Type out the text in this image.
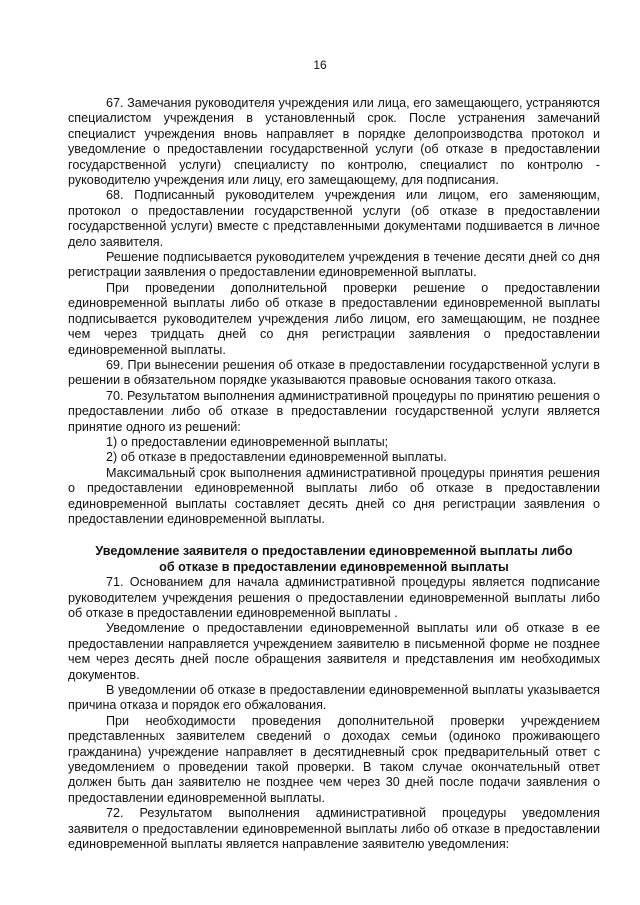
16

67. Замечания руководителя учреждения или лица, его замещающего, устраняются специалистом учреждения в установленный срок. После устранения замечаний специалист учреждения вновь направляет в порядке делопроизводства протокол и уведомление о предоставлении государственной услуги (об отказе в предоставлении государственной услуги) специалисту по контролю, специалист по контролю - руководителю учреждения или лицу, его замещающему, для подписания.

68. Подписанный руководителем учреждения или лицом, его заменяющим, протокол о предоставлении государственной услуги (об отказе в предоставлении государственной услуги) вместе с представленными документами подшивается в личное дело заявителя.

Решение подписывается руководителем учреждения в течение десяти дней со дня регистрации заявления о предоставлении единовременной выплаты.

При проведении дополнительной проверки решение о предоставлении единовременной выплаты либо об отказе в предоставлении единовременной выплаты подписывается руководителем учреждения либо лицом, его замещающим, не позднее чем через тридцать дней со дня регистрации заявления о предоставлении единовременной выплаты.

69. При вынесении решения об отказе в предоставлении государственной услуги в решении в обязательном порядке указываются правовые основания такого отказа.

70. Результатом выполнения административной процедуры по принятию решения о предоставлении либо об отказе в предоставлении государственной услуги является принятие одного из решений:

1) о предоставлении единовременной выплаты;

2) об отказе в предоставлении единовременной выплаты.

Максимальный срок выполнения административной процедуры принятия решения о предоставлении единовременной выплаты либо об отказе в предоставлении единовременной выплаты составляет десять дней со дня регистрации заявления о предоставлении единовременной выплаты.

Уведомление заявителя о предоставлении единовременной выплаты либо
об отказе в предоставлении единовременной выплаты

71. Основанием для начала административной процедуры является подписание руководителем учреждения решения о предоставлении единовременной выплаты либо об отказе в предоставлении единовременной выплаты .

Уведомление о предоставлении единовременной выплаты или об отказе в ее предоставлении направляется учреждением заявителю в письменной форме не позднее чем через десять дней после обращения заявителя и представления им необходимых документов.

В уведомлении об отказе в предоставлении единовременной выплаты указывается причина отказа и порядок его обжалования.

При необходимости проведения дополнительной проверки учреждением представленных заявителем сведений о доходах семьи (одиноко проживающего гражданина) учреждение направляет в десятидневный срок предварительный ответ с уведомлением о проведении такой проверки. В таком случае окончательный ответ должен быть дан заявителю не позднее чем через 30 дней после подачи заявления о предоставлении единовременной выплаты.

72. Результатом выполнения административной процедуры уведомления заявителя о предоставлении единовременной выплаты либо об отказе в предоставлении единовременной выплаты является направление заявителю уведомления:
